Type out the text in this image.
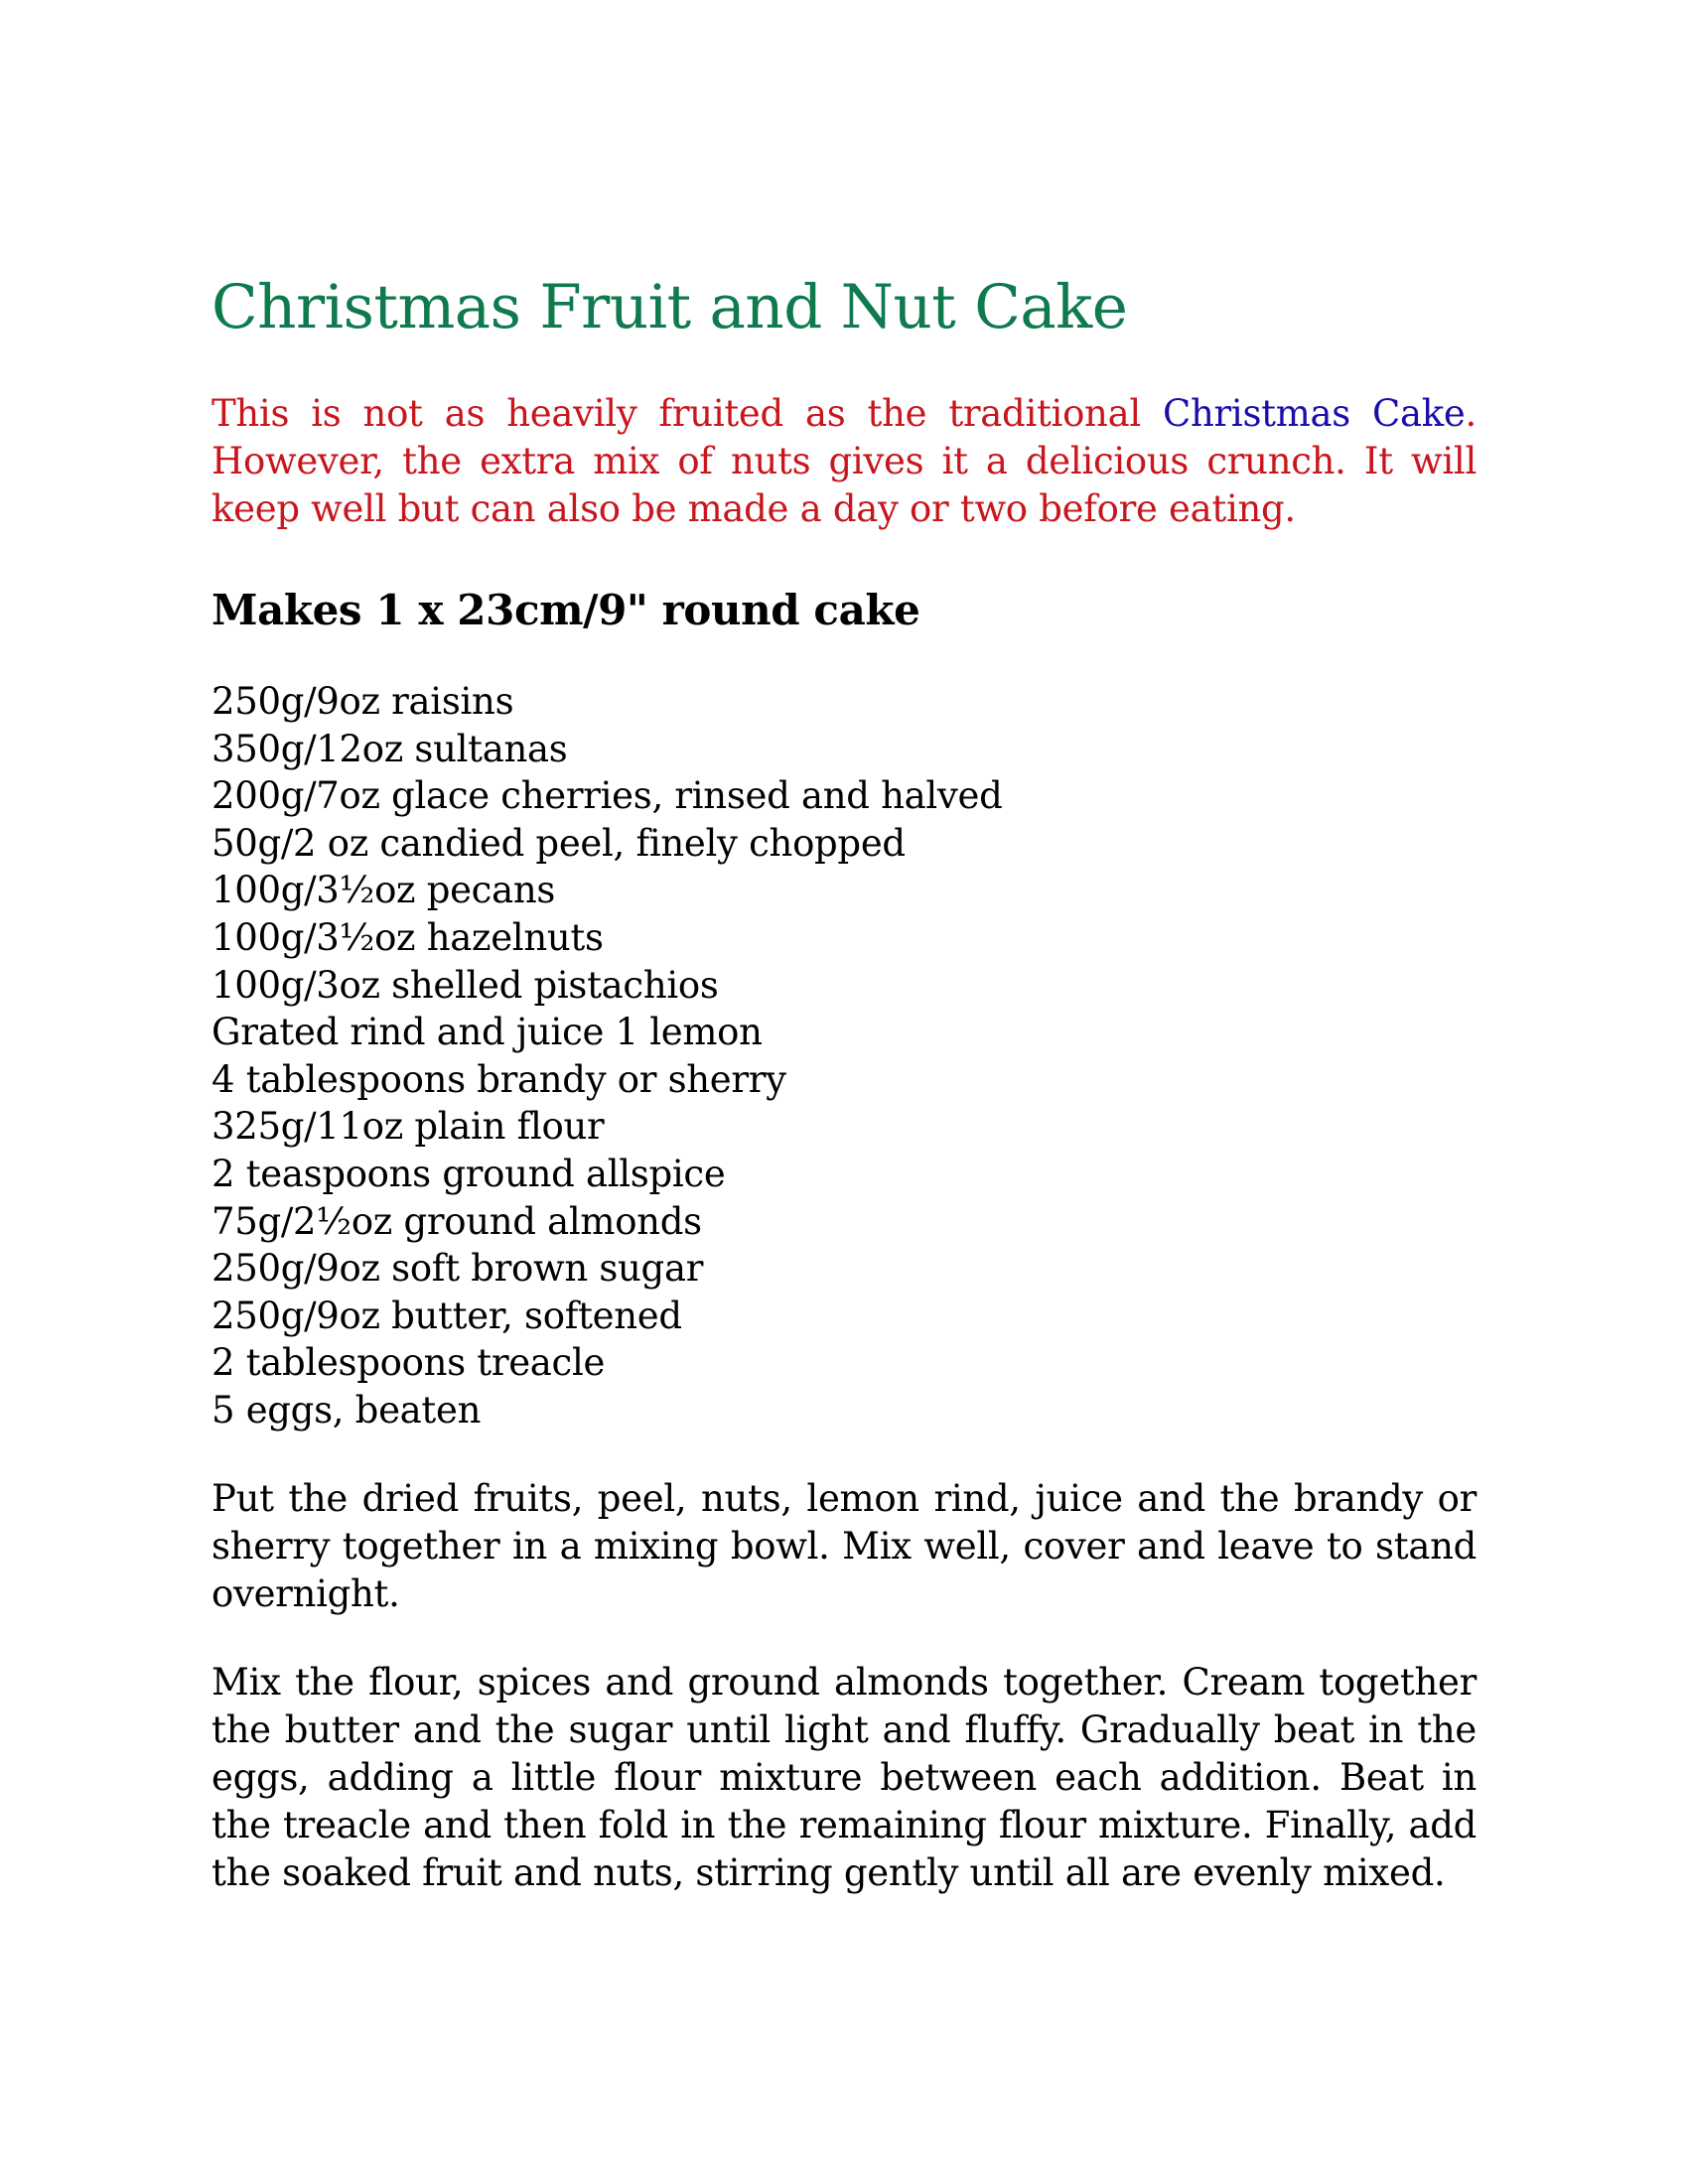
Christmas Fruit and Nut Cake

This is not as heavily fruited as the traditional Christmas Cake. However, the extra mix of nuts gives it a delicious crunch. It will keep well but can also be made a day or two before eating.

Makes 1 x 23cm/9" round cake
250g/9oz raisins
350g/12oz sultanas
200g/7oz glace cherries, rinsed and halved
50g/2 oz candied peel, finely chopped
100g/3½oz pecans
100g/3½oz hazelnuts
100g/3oz shelled pistachios
Grated rind and juice 1 lemon
4 tablespoons brandy or sherry
325g/11oz plain flour
2 teaspoons ground allspice
75g/2½oz ground almonds
250g/9oz soft brown sugar
250g/9oz butter, softened
2 tablespoons treacle
5 eggs, beaten

Put the dried fruits, peel, nuts, lemon rind, juice and the brandy or sherry together in a mixing bowl. Mix well, cover and leave to stand overnight.

Mix the flour, spices and ground almonds together. Cream together the butter and the sugar until light and fluffy. Gradually beat in the eggs, adding a little flour mixture between each addition. Beat in the treacle and then fold in the remaining flour mixture. Finally, add the soaked fruit and nuts, stirring gently until all are evenly mixed.
